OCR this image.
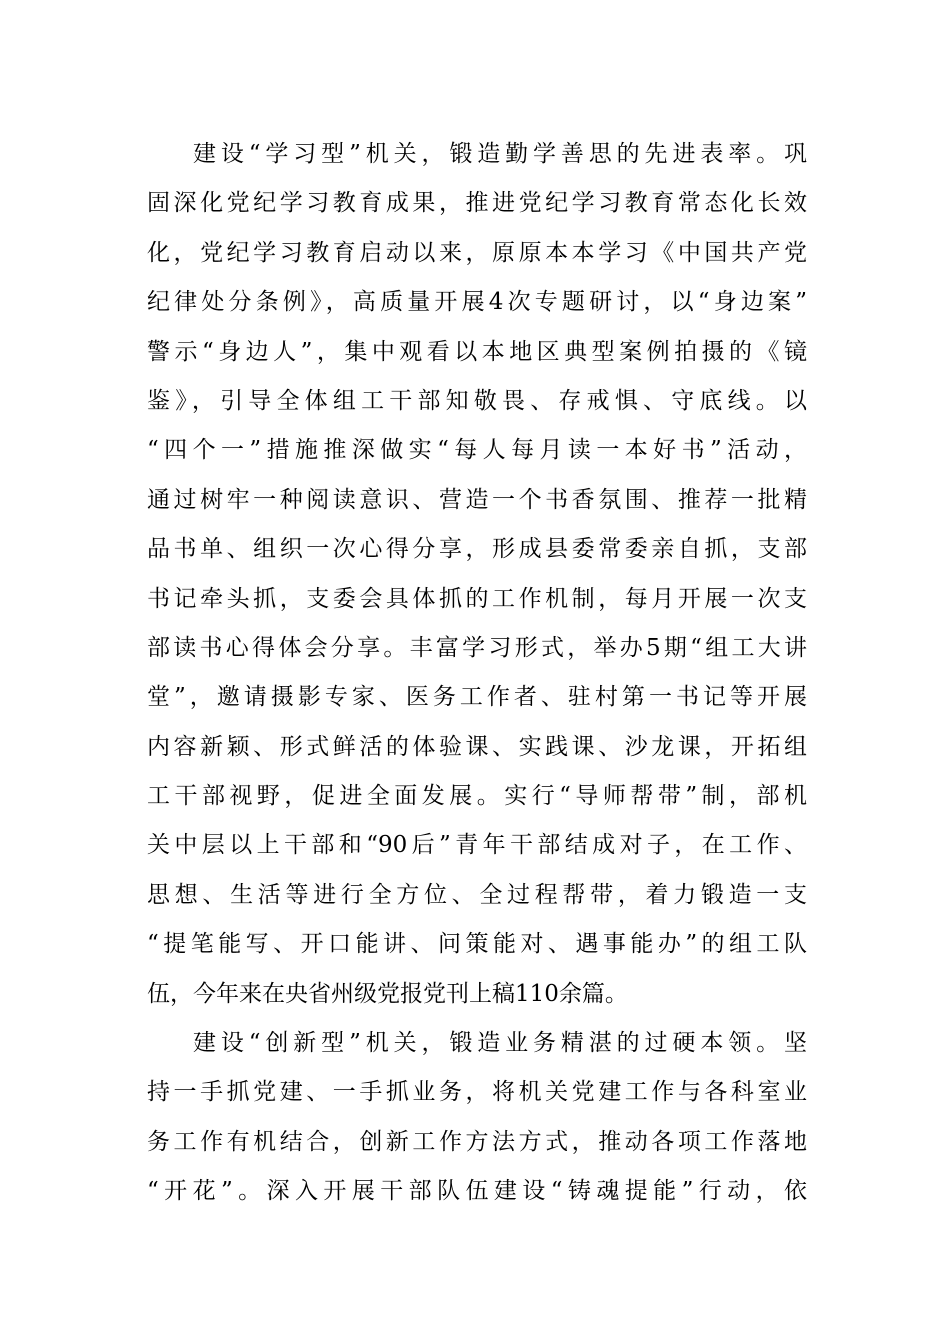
建设“学习型”机关，锻造勤学善思的先进表率。巩
固深化党纪学习教育成果，推进党纪学习教育常态化长效
化，党纪学习教育启动以来，原原本本学习《中国共产党
纪律处分条例》，高质量开展4次专题研讨，以“身边案”
警示“身边人”，集中观看以本地区典型案例拍摄的《镜
鉴》，引导全体组工干部知敬畏、存戒惧、守底线。以
“四个一”措施推深做实“每人每月读一本好书”活动，
通过树牢一种阅读意识、营造一个书香氛围、推荐一批精
品书单、组织一次心得分享，形成县委常委亲自抓，支部
书记牵头抓，支委会具体抓的工作机制，每月开展一次支
部读书心得体会分享。丰富学习形式，举办5期“组工大讲
堂”，邀请摄影专家、医务工作者、驻村第一书记等开展
内容新颖、形式鲜活的体验课、实践课、沙龙课，开拓组
工干部视野，促进全面发展。实行“导师帮带”制，部机
关中层以上干部和“90后”青年干部结成对子，在工作、
思想、生活等进行全方位、全过程帮带，着力锻造一支
“提笔能写、开口能讲、问策能对、遇事能办”的组工队
伍，今年来在央省州级党报党刊上稿110余篇。
建设“创新型”机关，锻造业务精湛的过硬本领。坚
持一手抓党建、一手抓业务，将机关党建工作与各科室业
务工作有机结合，创新工作方法方式，推动各项工作落地
“开花”。深入开展干部队伍建设“铸魂提能”行动，依
